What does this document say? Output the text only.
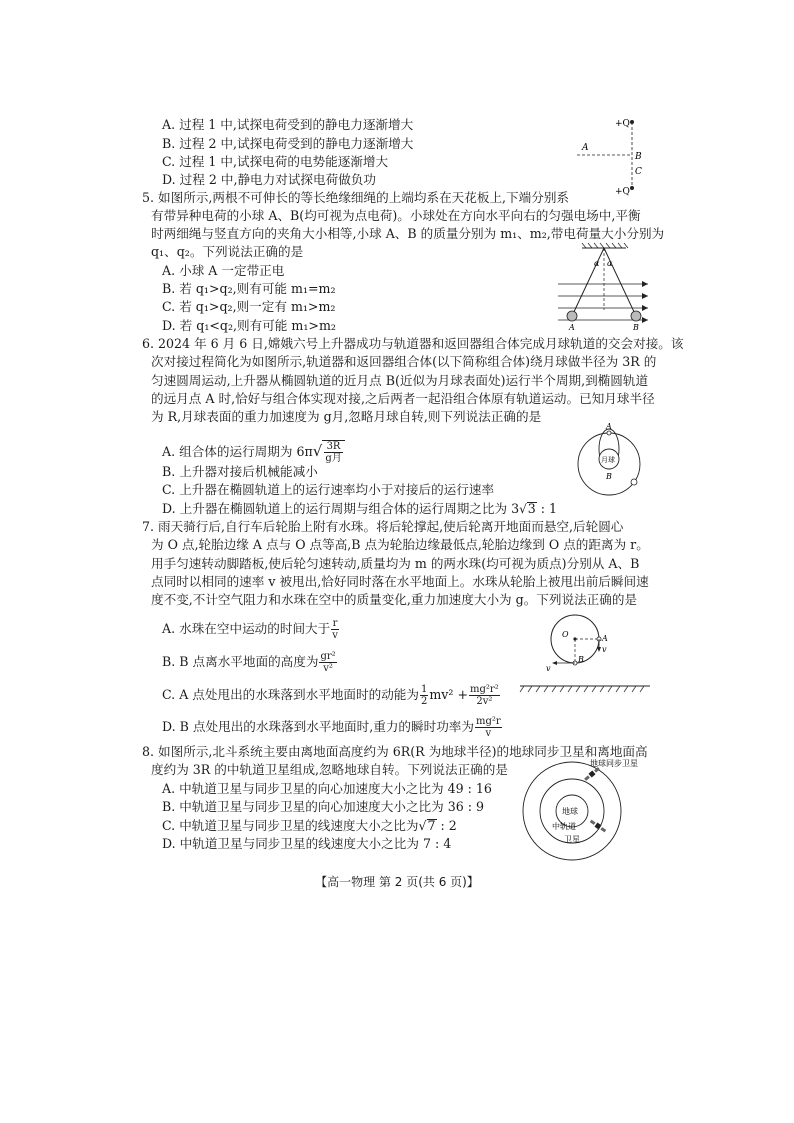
A. 过程 1 中,试探电荷受到的静电力逐渐增大
B. 过程 2 中,试探电荷受到的静电力逐渐增大
C. 过程 1 中,试探电荷的电势能逐渐增大
D. 过程 2 中,静电力对试探电荷做负功
+Q
+Q
A
B
C
5. 如图所示,两根不可伸长的等长绝缘细绳的上端均系在天花板上,下端分别系
有带异种电荷的小球 A、B(均可视为点电荷)。小球处在方向水平向右的匀强电场中,平衡
时两细绳与竖直方向的夹角大小相等,小球 A、B 的质量分别为 m₁、m₂,带电荷量大小分别为
q₁、q₂。下列说法正确的是
A. 小球 A 一定带正电
B. 若 q₁>q₂,则有可能 m₁=m₂
C. 若 q₁>q₂,则一定有 m₁>m₂
D. 若 q₁<q₂,则有可能 m₁>m₂
α α
A	B
6. 2024 年 6 月 6 日,嫦娥六号上升器成功与轨道器和返回器组合体完成月球轨道的交会对接。该
次对接过程简化为如图所示,轨道器和返回器组合体(以下简称组合体)绕月球做半径为 3R 的
匀速圆周运动,上升器从椭圆轨道的近月点 B(近似为月球表面处)运行半个周期,到椭圆轨道
的远月点 A 时,恰好与组合体实现对接,之后两者一起沿组合体原有轨道运动。已知月球半径
为 R,月球表面的重力加速度为 g月,忽略月球自转,则下列说法正确的是
A. 组合体的运行周期为 $6\pi√ \frac{3R}{\text{g月}}$
B. 上升器对接后机械能减小
C. 上升器在椭圆轨道上的运行速率均小于对接后的运行速率
D. 上升器在椭圆轨道上的运行周期与组合体的运行周期之比为 3√3 : 1
A
月球
B
7. 雨天骑行后,自行车后轮胎上附有水珠。将后轮撑起,使后轮离开地面而悬空,后轮圆心
为 O 点,轮胎边缘 A 点与 O 点等高,B 点为轮胎边缘最低点,轮胎边缘到 O 点的距离为 r。
用手匀速转动脚踏板,使后轮匀速转动,质量均为 m 的两水珠(均可视为质点)分别从 A、B
点同时以相同的速率 v 被甩出,恰好同时落在水平地面上。水珠从轮胎上被甩出前后瞬间速
度不变,不计空气阻力和水珠在空中的质量变化,重力加速度大小为 g。下列说法正确的是
A. 水珠在空中运动的时间大于 $\frac{r}{v}$
B. B 点离水平地面的高度为 $\frac{\text{gr²}}{\text{v²}}$
C. A 点处甩出的水珠落到水平地面时的动能为 $\frac{1}{2} mv^2 + \frac{\text{mg²r²}}{\text{2v²}}$
D. B 点处甩出的水珠落到水平地面时,重力的瞬时功率为 $\frac{\text{mg²r}}{v}$
O	A
v
B
v
8. 如图所示,北斗系统主要由离地面高度约为 6R(R 为地球半径)的地球同步卫星和离地面高
度约为 3R 的中轨道卫星组成,忽略地球自转。下列说法正确的是
A. 中轨道卫星与同步卫星的向心加速度大小之比为 49 : 16
B. 中轨道卫星与同步卫星的向心加速度大小之比为 36 : 9
C. 中轨道卫星与同步卫星的线速度大小之比为√7 : 2
D. 中轨道卫星与同步卫星的线速度大小之比为 7 : 4
地球
地球同步卫星
中轨道
卫星
【高一物理 第 2 页(共 6 页)】
